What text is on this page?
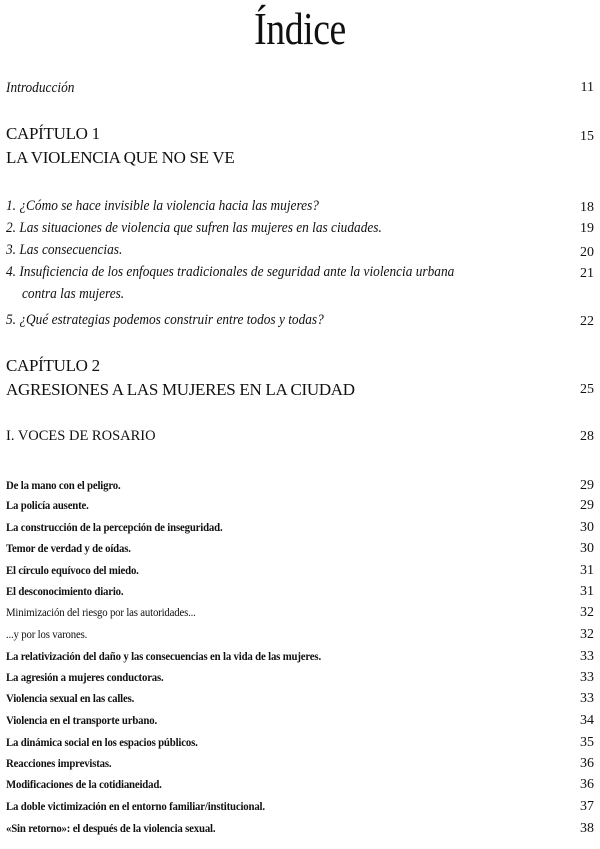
Índice
Introducción	11
CAPÍTULO 1	15
LA VIOLENCIA QUE NO SE VE
1. ¿Cómo se hace invisible la violencia hacia las mujeres?	18
2. Las situaciones de violencia que sufren las mujeres en las ciudades.	19
3. Las consecuencias.	20
4. Insuficiencia de los enfoques tradicionales de seguridad ante la violencia urbana	21
contra las mujeres.
5. ¿Qué estrategias podemos construir entre todos y todas?	22
CAPÍTULO 2
AGRESIONES A LAS MUJERES EN LA CIUDAD	25
I. VOCES DE ROSARIO	28
De la mano con el peligro.	29
La policía ausente.	29
La construcción de la percepción de inseguridad.	30
Temor de verdad y de oídas.	30
El círculo equívoco del miedo.	31
El desconocimiento diario.	31
Minimización del riesgo por las autoridades...	32
...y por los varones.	32
La relativización del daño y las consecuencias en la vida de las mujeres.	33
La agresión a mujeres conductoras.	33
Violencia sexual en las calles.	33
Violencia en el transporte urbano.	34
La dinámica social en los espacios públicos.	35
Reacciones imprevistas.	36
Modificaciones de la cotidianeidad.	36
La doble victimización en el entorno familiar/institucional.	37
«Sin retorno»: el después de la violencia sexual.	38
